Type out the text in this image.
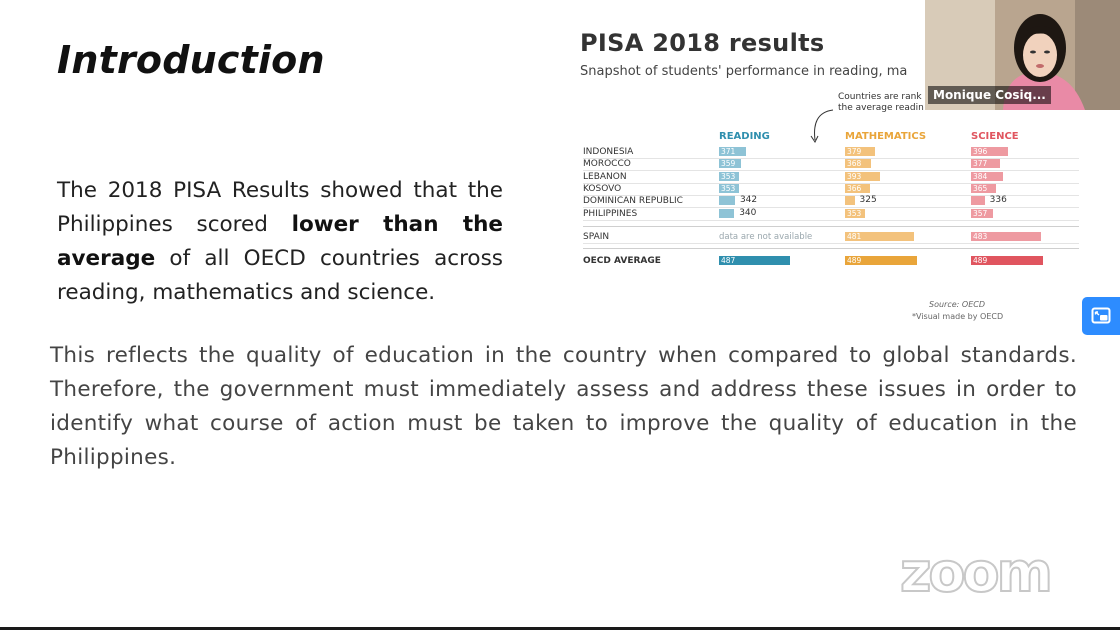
Introduction
The 2018 PISA Results showed that the Philippines scored lower than the average of all OECD countries across reading, mathematics and science.
PISA 2018 results
Snapshot of students' performance in reading, ma
Countries are rank
the average readin
READING	MATHEMATICS	SCIENCE
INDONESIA	371	379	396
MOROCCO	359	368	377
LEBANON	353	393	384
KOSOVO	353	366	365
DOMINICAN REPUBLIC	342	325	336
PHILIPPINES	340	353	357
SPAIN	data are not available	481	483
OECD AVERAGE	487	489	489
Source: OECD
*Visual made by OECD
This reflects the quality of education in the country when compared to global standards. Therefore, the government must immediately assess and address these issues in order to identify what course of action must be taken to improve the quality of education in the Philippines.
Monique Cosiq...
zoom
